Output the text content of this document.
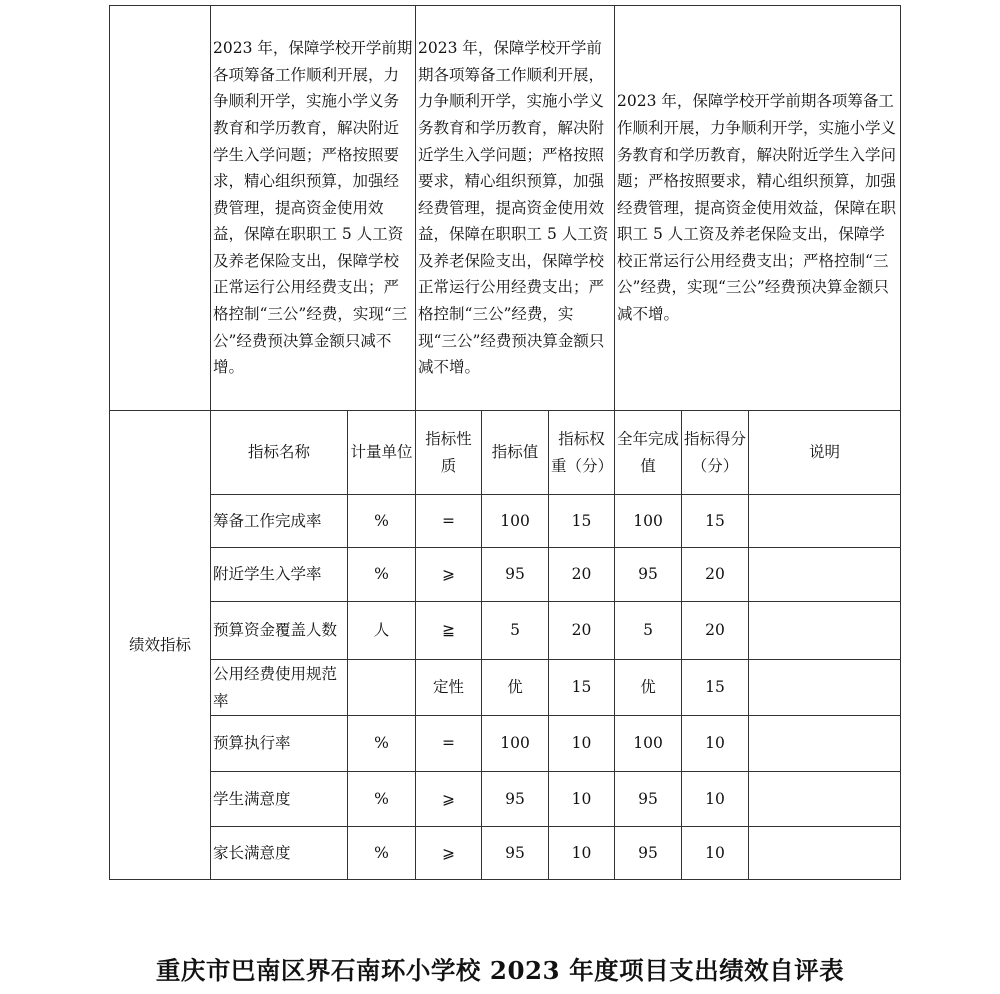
	2023 年，保障学校开学前期各项筹备工作顺利开展，力争顺利开学，实施小学义务教育和学历教育，解决附近学生入学问题；严格按照要求，精心组织预算，加强经费管理，提高资金使用效益，保障在职职工 5 人工资及养老保险支出，保障学校正常运行公用经费支出；严格控制“三公”经费，实现“三公”经费预决算金额只减不增。		2023 年，保障学校开学前期各项筹备工作顺利开展，力争顺利开学，实施小学义务教育和学历教育，解决附近学生入学问题；严格按照要求，精心组织预算，加强经费管理，提高资金使用效益，保障在职职工 5 人工资及养老保险支出，保障学校正常运行公用经费支出；严格控制“三公”经费，实现“三公”经费预决算金额只减不增。			2023 年，保障学校开学前期各项筹备工作顺利开展，力争顺利开学，实施小学义务教育和学历教育，解决附近学生入学问题；严格按照要求，精心组织预算，加强经费管理，提高资金使用效益，保障在职职工 5 人工资及养老保险支出，保障学校正常运行公用经费支出；严格控制“三公”经费，实现“三公”经费预决算金额只减不增。		
绩效指标	指标名称	计量单位	指标性质	指标值	指标权重（分）	全年完成值	指标得分（分）	说明
	筹备工作完成率	%	=	100	15	100	15	
	附近学生入学率	%	⩾	95	20	95	20	
	预算资金覆盖人数	人	≧	5	20	5	20	
	公用经费使用规范率		定性	优	15	优	15	
	预算执行率	%	=	100	10	100	10	
	学生满意度	%	⩾	95	10	95	10	
	家长满意度	%	⩾	95	10	95	10	
重庆市巴南区界石南环小学校 2023 年度项目支出绩效自评表
